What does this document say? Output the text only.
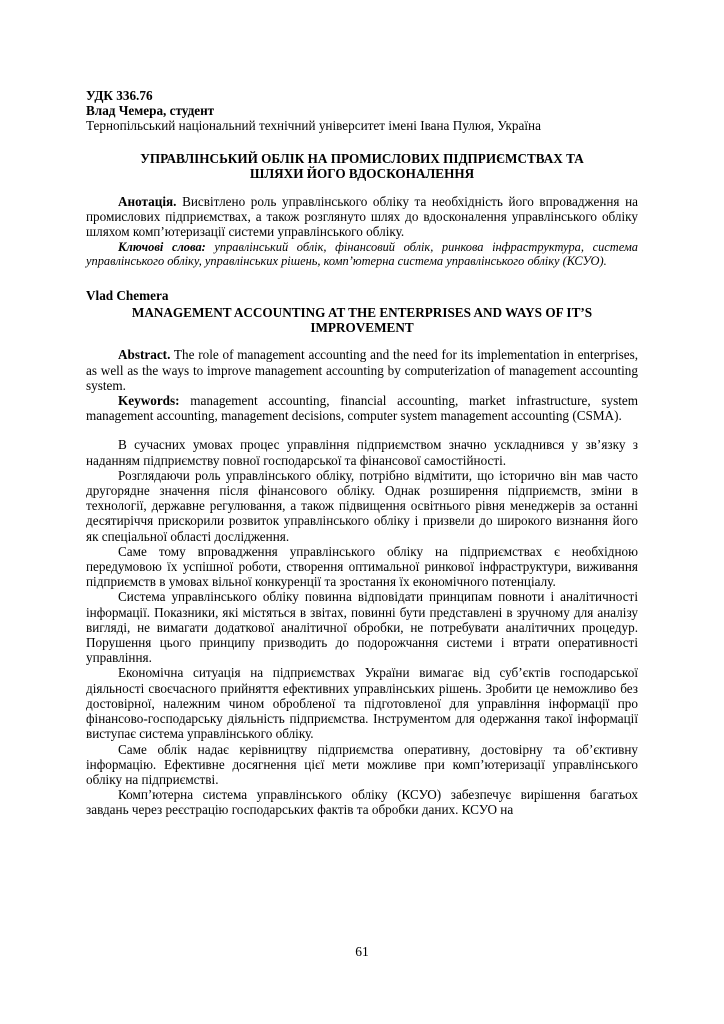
УДК 336.76
Влад Чемера, студент
Тернопільський національний технічний університет імені Івана Пулюя, Україна
УПРАВЛІНСЬКИЙ ОБЛІК НА ПРОМИСЛОВИХ ПІДПРИЄМСТВАХ ТА ШЛЯХИ ЙОГО ВДОСКОНАЛЕННЯ

Анотація. Висвітлено роль управлінського обліку та необхідність його впровадження на промислових підприємствах, а також розглянуто шлях до вдосконалення управлінського обліку шляхом комп’ютеризації системи управлінського обліку.

Ключові слова: управлінський облік, фінансовий облік, ринкова інфраструктура, система управлінського обліку, управлінських рішень, комп’ютерна система управлінського обліку (КСУО).

Vlad Chemera
MANAGEMENT ACCOUNTING AT THE ENTERPRISES AND WAYS OF IT’S IMPROVEMENT

Abstract. The role of management accounting and the need for its implementation in enterprises, as well as the ways to improve management accounting by computerization of management accounting system.

Keywords: management accounting, financial accounting, market infrastructure, system management accounting, management decisions, computer system management accounting (CSMA).

В сучасних умовах процес управління підприємством значно ускладнився у зв’язку з наданням підприємству повної господарської та фінансової самостійності.

Розглядаючи роль управлінського обліку, потрібно відмітити, що історично він мав часто другорядне значення після фінансового обліку. Однак розширення підприємств, зміни в технології, державне регулювання, а також підвищення освітнього рівня менеджерів за останні десятиріччя прискорили розвиток управлінського обліку і призвели до широкого визнання його як спеціальної області дослідження.

Саме тому впровадження управлінського обліку на підприємствах є необхідною передумовою їх успішної роботи, створення оптимальної ринкової інфраструктури, виживання підприємств в умовах вільної конкуренції та зростання їх економічного потенціалу.

Система управлінського обліку повинна відповідати принципам повноти і аналітичності інформації. Показники, які містяться в звітах, повинні бути представлені в зручному для аналізу вигляді, не вимагати додаткової аналітичної обробки, не потребувати аналітичних процедур. Порушення цього принципу призводить до подорожчання системи і втрати оперативності управління.

Економічна ситуація на підприємствах України вимагає від суб’єктів господарської діяльності своєчасного прийняття ефективних управлінських рішень. Зробити це неможливо без достовірної, належним чином обробленої та підготовленої для управління інформації про фінансово-господарську діяльність підприємства. Інструментом для одержання такої інформації виступає система управлінського обліку.

Саме облік надає керівництву підприємства оперативну, достовірну та об’єктивну інформацію. Ефективне досягнення цієї мети можливе при комп’ютеризації управлінського обліку на підприємстві.

Комп’ютерна система управлінського обліку (КСУО) забезпечує вирішення багатьох завдань через реєстрацію господарських фактів та обробки даних. КСУО на

61
